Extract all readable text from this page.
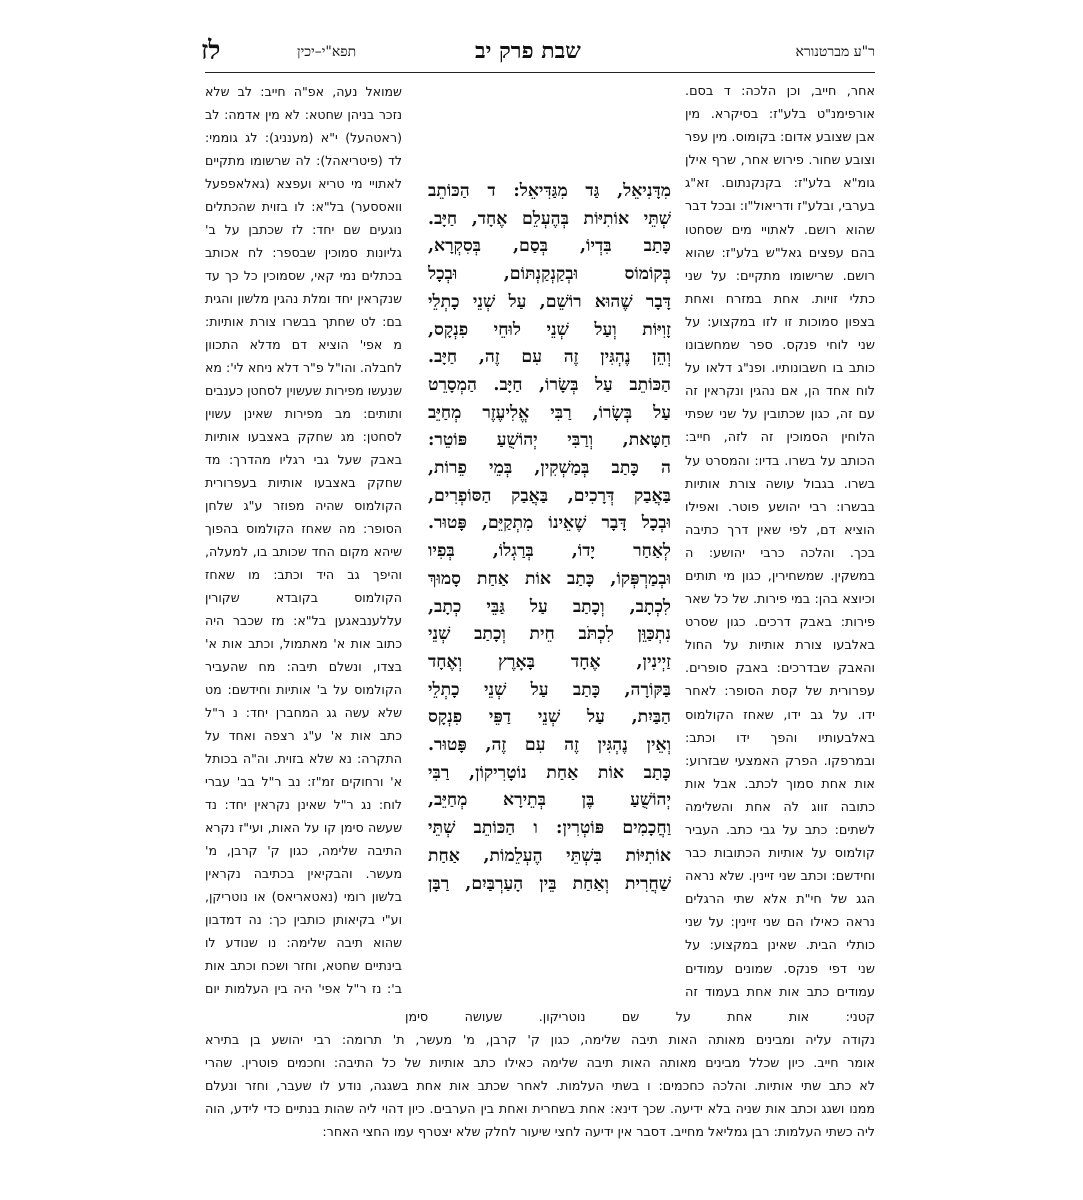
ר"ע מברטנורא
שבת פרק יב
תפא"י–יכין
לז

אחר, חייב, וכן הלכה: ד בסם. אורפימנ"ט בלע"ז: בסיקרא. מין אבן שצובע אדום: בקומוס. מין עפר וצובע שחור. פירוש אחר, שרף אילן גומ"א בלע"ז: בקנקנתום. זא"ג בערבי, ובלע"ז ודריאול"ו: ובכל דבר שהוא רושם. לאתויי מים שסחטו בהם עפצים גאל"ש בלע"ז: שהוא רושם. שרישומו מתקיים: על שני כתלי זויות. אחת במזרח ואחת בצפון סמוכות זו לזו במקצוע: על שני לוחי פנקס. ספר שמחשבונו כותב בו חשבונותיו. ופנ"ג דלאו על לוח אחד הן, אם נהגין ונקראין זה עם זה, כגון שכתובין על שני שפתי הלוחין הסמוכין זה לזה, חייב: הכותב על בשרו. בדיו: והמסרט על בשרו. בגבול עושה צורת אותיות בבשרו: רבי יהושע פוטר. ואפילו הוציא דם, לפי שאין דרך כתיבה בכך. והלכה כרבי יהושע: ה במשקין. שמשחירין, כגון מי תותים וכיוצא בהן: במי פירות. של כל שאר פירות: באבק דרכים. כגון שסרט באלבעו צורת אותיות על החול והאבק שבדרכים: באבק סופרים. עפרורית של קסת הסופר: לאחר ידו. על גב ידו, שאחז הקולמוס באלבעותיו והפך ידו וכתב: ובמרפקו. הפרק האמצעי שבזרוע: אות אחת סמוך לכתב. אבל אות כתובה זווג לה אחת והשלימה לשתים: כתב על גבי כתב. העביר קולמוס על אותיות הכתובות כבר וחידשם: וכתב שני זיינין. שלא נראה הגג של חי"ת אלא שתי הרגלים נראה כאילו הם שני זיינין: על שני כותלי הבית. שאינן במקצוע: על שני דפי פנקס. שמונים עמודים עמודים כתב אות אחת בעמוד זה

מִדָּנִיאֵל, גַּד מִגַּדִּיאֵל: ד הַכּוֹתֵב
שְׁתֵּי אוֹתִיּוֹת בְּהֶעְלֵם אֶחָד, חַיָּב.
כָּתַב בִּדְיוֹ, בְּסַם, בְּסִקְרָא,
בְּקוֹמוֹס וּבְקַנְקַנְתּוֹם, וּבְכָל
דָּבָר שֶׁהוּא רוֹשֵׁם, עַל שְׁנֵי כָתְלֵי
זָוִיּוֹת וְעַל שְׁנֵי לוּחֵי פִנְקָס,
וְהֵן נֶהְגִּין זֶה עִם זֶה, חַיָּב.
הַכּוֹתֵב עַל בְּשָׂרוֹ, חַיָּב. הַמְסָרֵט
עַל בְּשָׂרוֹ, רַבִּי אֱלִיעֶזֶר מְחַיֵּב
חַטָּאת, וְרַבִּי יְהוֹשֻׁעַ פּוֹטֵר:
ה כָּתַב בְּמַשְׁקִין, בְּמֵי פֵרוֹת,
בַּאֲבַק דְּרָכִים, בַּאֲבַק הַסּוֹפְרִים,
וּבְכָל דָּבָר שֶׁאֵינוֹ מִתְקַיֵּם, פָּטוּר.
לְאַחַר יָדוֹ, בְּרַגְלוֹ, בְּפִיו
וּבְמַרְפְּקוֹ, כָּתַב אוֹת אַחַת סָמוּךְ
לִכְתָב, וְכָתַב עַל גַּבֵּי כְתָב,
נִתְכַּוֵּן לִכְתֹּב חֵית וְכָתַב שְׁנֵי
זַיְינִין, אֶחָד בָּאָרֶץ וְאֶחָד
בַּקּוֹרָה, כָּתַב עַל שְׁנֵי כָתְלֵי
הַבַּיִת, עַל שְׁנֵי דַפֵּי פִנְקָס
וְאֵין נֶהְגִּין זֶה עִם זֶה, פָּטוּר.
כָּתַב אוֹת אַחַת נוֹטָרִיקוֹן, רַבִּי
יְהוֹשֻׁעַ בֶּן בְּתֵירָא מְחַיֵּב,
וַחֲכָמִים פּוֹטְרִין: ו הַכּוֹתֵב שְׁתֵּי
אוֹתִיּוֹת בִּשְׁתֵּי הֶעְלֵמוֹת, אַחַת
שַׁחֲרִית וְאַחַת בֵּין הָעַרְבַּיִם, רַבָּן

שמואל נעה, אפ"ה חייב: לב שלא נזכר בניהן שחטא: לא מין אדמה: לב (ראטהעל) י"א (מענניג): לג גוממי: לד (פיטריאהל): לה שרשומו מתקיים לאתויי מי טריא ועפצא (גאלאפפעל וואססער) בל"א: לו בזוית שהכתלים נוגעים שם יחד: לז שכתבן על ב' גליונות סמוכין שבספר: לח אכותב בכתלים נמי קאי, שסמוכין כל כך עד שנקראין יחד ומלת נהגין מלשון והגית בם: לט שחתך בבשרו צורת אותיות: מ אפי' הוציא דם מדלא התכוון לחבלה. והו"ל פ"ר דלא ניחא לי': מא שנעשו מפירות שעשוין לסחטן כענבים ותותים: מב מפירות שאינן עשוין לסחטן: מג שחקק באצבעו אותיות באבק שעל גבי רגליו מהדרך: מד שחקק באצבעו אותיות בעפרורית הקולמוס שהיה מפוזר ע"ג שלחן הסופר: מה שאחז הקולמוס בהפוך שיהא מקום החד שכותב בו, למעלה, והיפך גב היד וכתב: מו שאחז הקולמוס בקובדא שקורין עללענבאגען בל"א: מז שכבר היה כתוב אות א' מאתמול, וכתב אות א' בצדו, ונשלם תיבה: מח שהעביר הקולמוס על ב' אותיות וחידשם: מט שלא עשה גג המחברן יחד: נ ר"ל כתב אות א' ע"ג רצפה ואחד על התקרה: נא שלא בזוית. וה"ה בכותל א' ורחוקים זמ"ז: נב ר"ל בב' עברי לוח: נג ר"ל שאינן נקראין יחד: נד שעשה סימן קו על האות, ועי"ז נקרא התיבה שלימה, כגון ק' קרבן, מ' מעשר. והבקיאין בכתיבה נקראין בלשון רומי (נאטאריאס) או נוטריקן, וע"י בקיאותן כותבין כך: נה דמדבון שהוא תיבה שלימה: נו שנודע לו בינתיים שחטא, וחזר ושכח וכתב אות ב': נז ר"ל אפי' היה בין העלמות יום

קטני: אות אחת על שם נוטריקון. שעושה סימן
נקודה עליה ומבינים מאותה האות תיבה שלימה, כגון ק' קרבן, מ' מעשר, ת' תרומה: רבי יהושע בן בתירא
אומר חייב. כיון שכלל מבינים מאותה האות תיבה שלימה כאילו כתב אותיות של כל התיבה: וחכמים פוטרין. שהרי
לא כתב שתי אותיות. והלכה כחכמים: ו בשתי העלמות. לאחר שכתב אות אחת בשגגה, נודע לו שעבר, וחזר ונעלם
ממנו ושגג וכתב אות שניה בלא ידיעה. שכך דינא: אחת בשחרית ואחת בין הערבים. כיון דהוי ליה שהות בנתיים כדי לידע, הוה
ליה כשתי העלמות: רבן גמליאל מחייב. דסבר אין ידיעה לחצי שיעור לחלק שלא יצטרף עמו החצי האחר:
